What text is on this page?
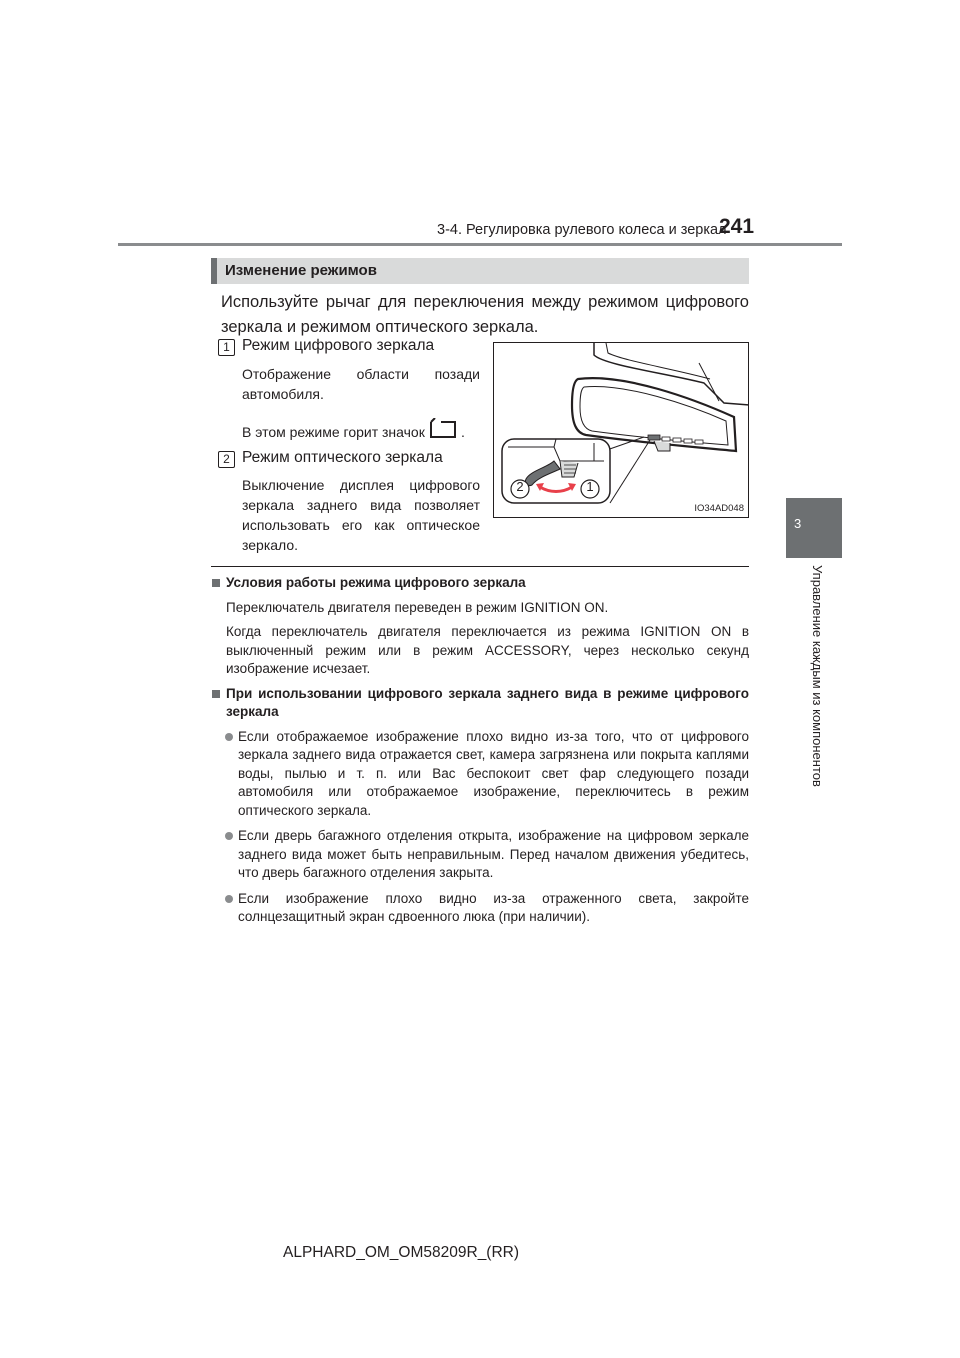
3-4. Регулировка рулевого колеса и зеркал
241
3
Управление каждым из компонентов
Изменение режимов
Используйте рычаг для переключения между режимом цифрового
зеркала и режимом оптического зеркала.
1 Режим цифрового зеркала
Отображение области позади
автомобиля.
В этом режиме горит значок	.
2 Режим оптического зеркала
Выключение дисплея цифрового
зеркала заднего вида позволяет
использовать его как оптическое
зеркало.
2	1
IO34AD048
Условия работы режима цифрового зеркала
Переключатель двигателя переведен в режим IGNITION ON.
Когда переключатель двигателя переключается из режима IGNITION ON в
выключенный режим или в режим ACCESSORY, через несколько секунд
изображение исчезает.
При использовании цифрового зеркала заднего вида в режиме цифрового
зеркала
Если отображаемое изображение плохо видно из-за того, что от цифрового
зеркала заднего вида отражается свет, камера загрязнена или покрыта каплями
воды, пылью и т. п. или Вас беспокоит свет фар следующего позади
автомобиля или отображаемое изображение, переключитесь в режим
оптического зеркала.
Если дверь багажного отделения открыта, изображение на цифровом зеркале
заднего вида может быть неправильным. Перед началом движения убедитесь,
что дверь багажного отделения закрыта.
Если изображение плохо видно из-за отраженного света, закройте
солнцезащитный экран сдвоенного люка (при наличии).
ALPHARD_OM_OM58209R_(RR)
